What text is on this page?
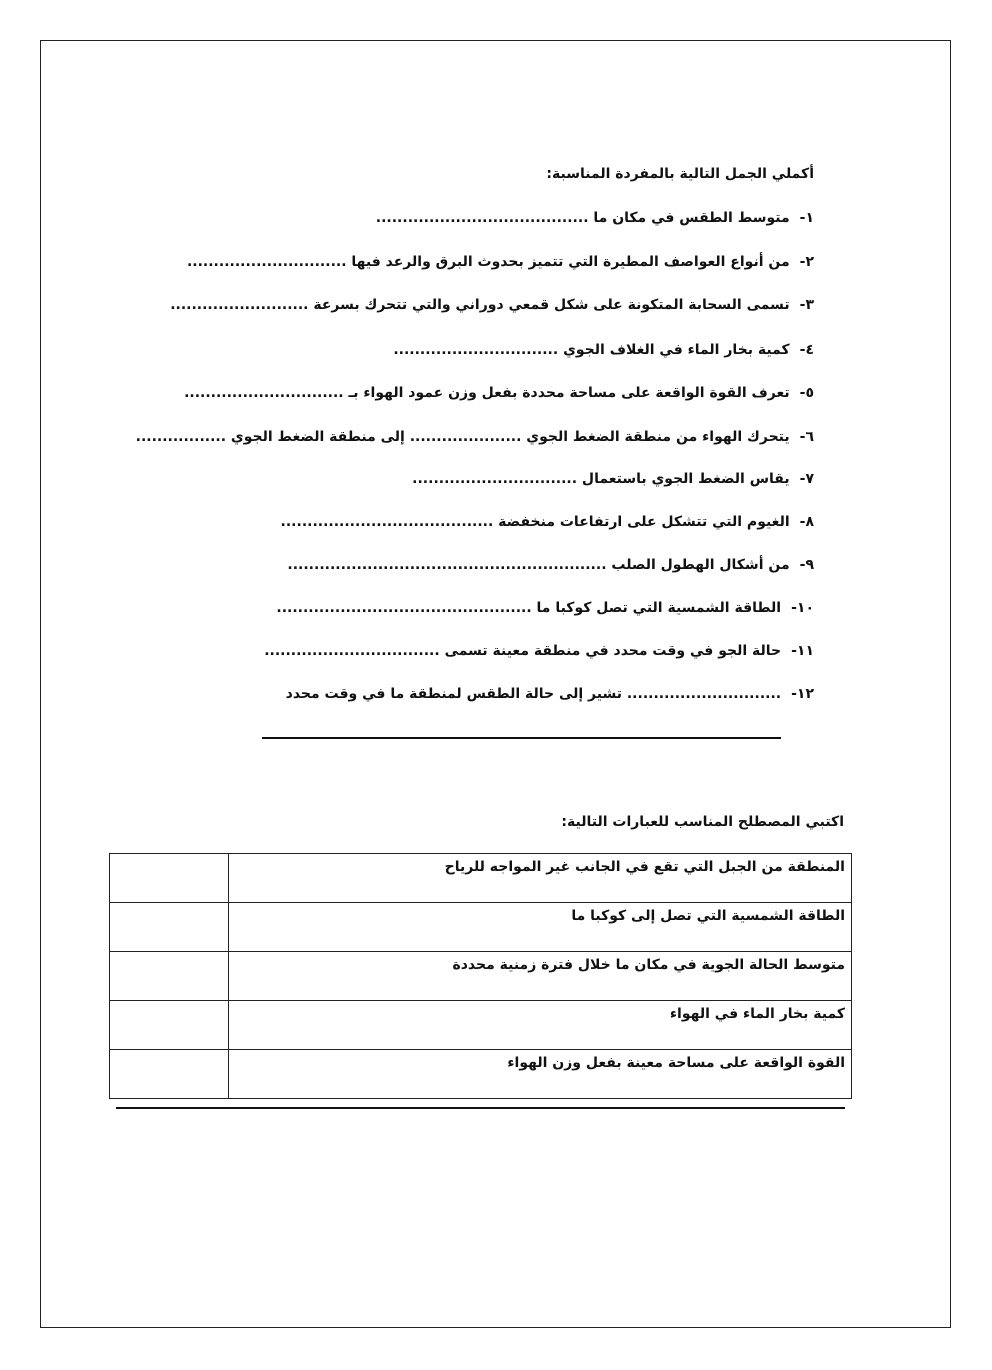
أكملي الجمل التالية بالمفردة المناسبة:
١-متوسط الطقس في مكان ما ........................................
٢-من أنواع العواصف المطيرة التي تتميز بحدوث البرق والرعد فيها ..............................
٣-تسمى السحابة المتكونة على شكل قمعي دوراني والتي تتحرك بسرعة ..........................
٤-كمية بخار الماء في الغلاف الجوي ...............................
٥-تعرف القوة الواقعة على مساحة محددة بفعل وزن عمود الهواء بـ ..............................
٦-يتحرك الهواء من منطقة الضغط الجوي ..................... إلى منطقة الضغط الجوي .................
٧-يقاس الضغط الجوي باستعمال ...............................
٨-الغيوم التي تتشكل على ارتفاعات منخفضة ........................................
٩-من أشكال الهطول الصلب ............................................................
١٠-الطاقة الشمسية التي تصل كوكبا ما ................................................
١١-حالة الجو في وقت محدد في منطقة معينة تسمى .................................
١٢-............................. تشير إلى حالة الطقس لمنطقة ما في وقت محدد
اكتبي المصطلح المناسب للعبارات التالية:
المنطقة من الجبل التي تقع في الجانب غير المواجه للرياح	
الطاقة الشمسية التي تصل إلى كوكبا ما	
متوسط الحالة الجوية في مكان ما خلال فترة زمنية محددة	
كمية بخار الماء في الهواء	
القوة الواقعة على مساحة معينة بفعل وزن الهواء	
